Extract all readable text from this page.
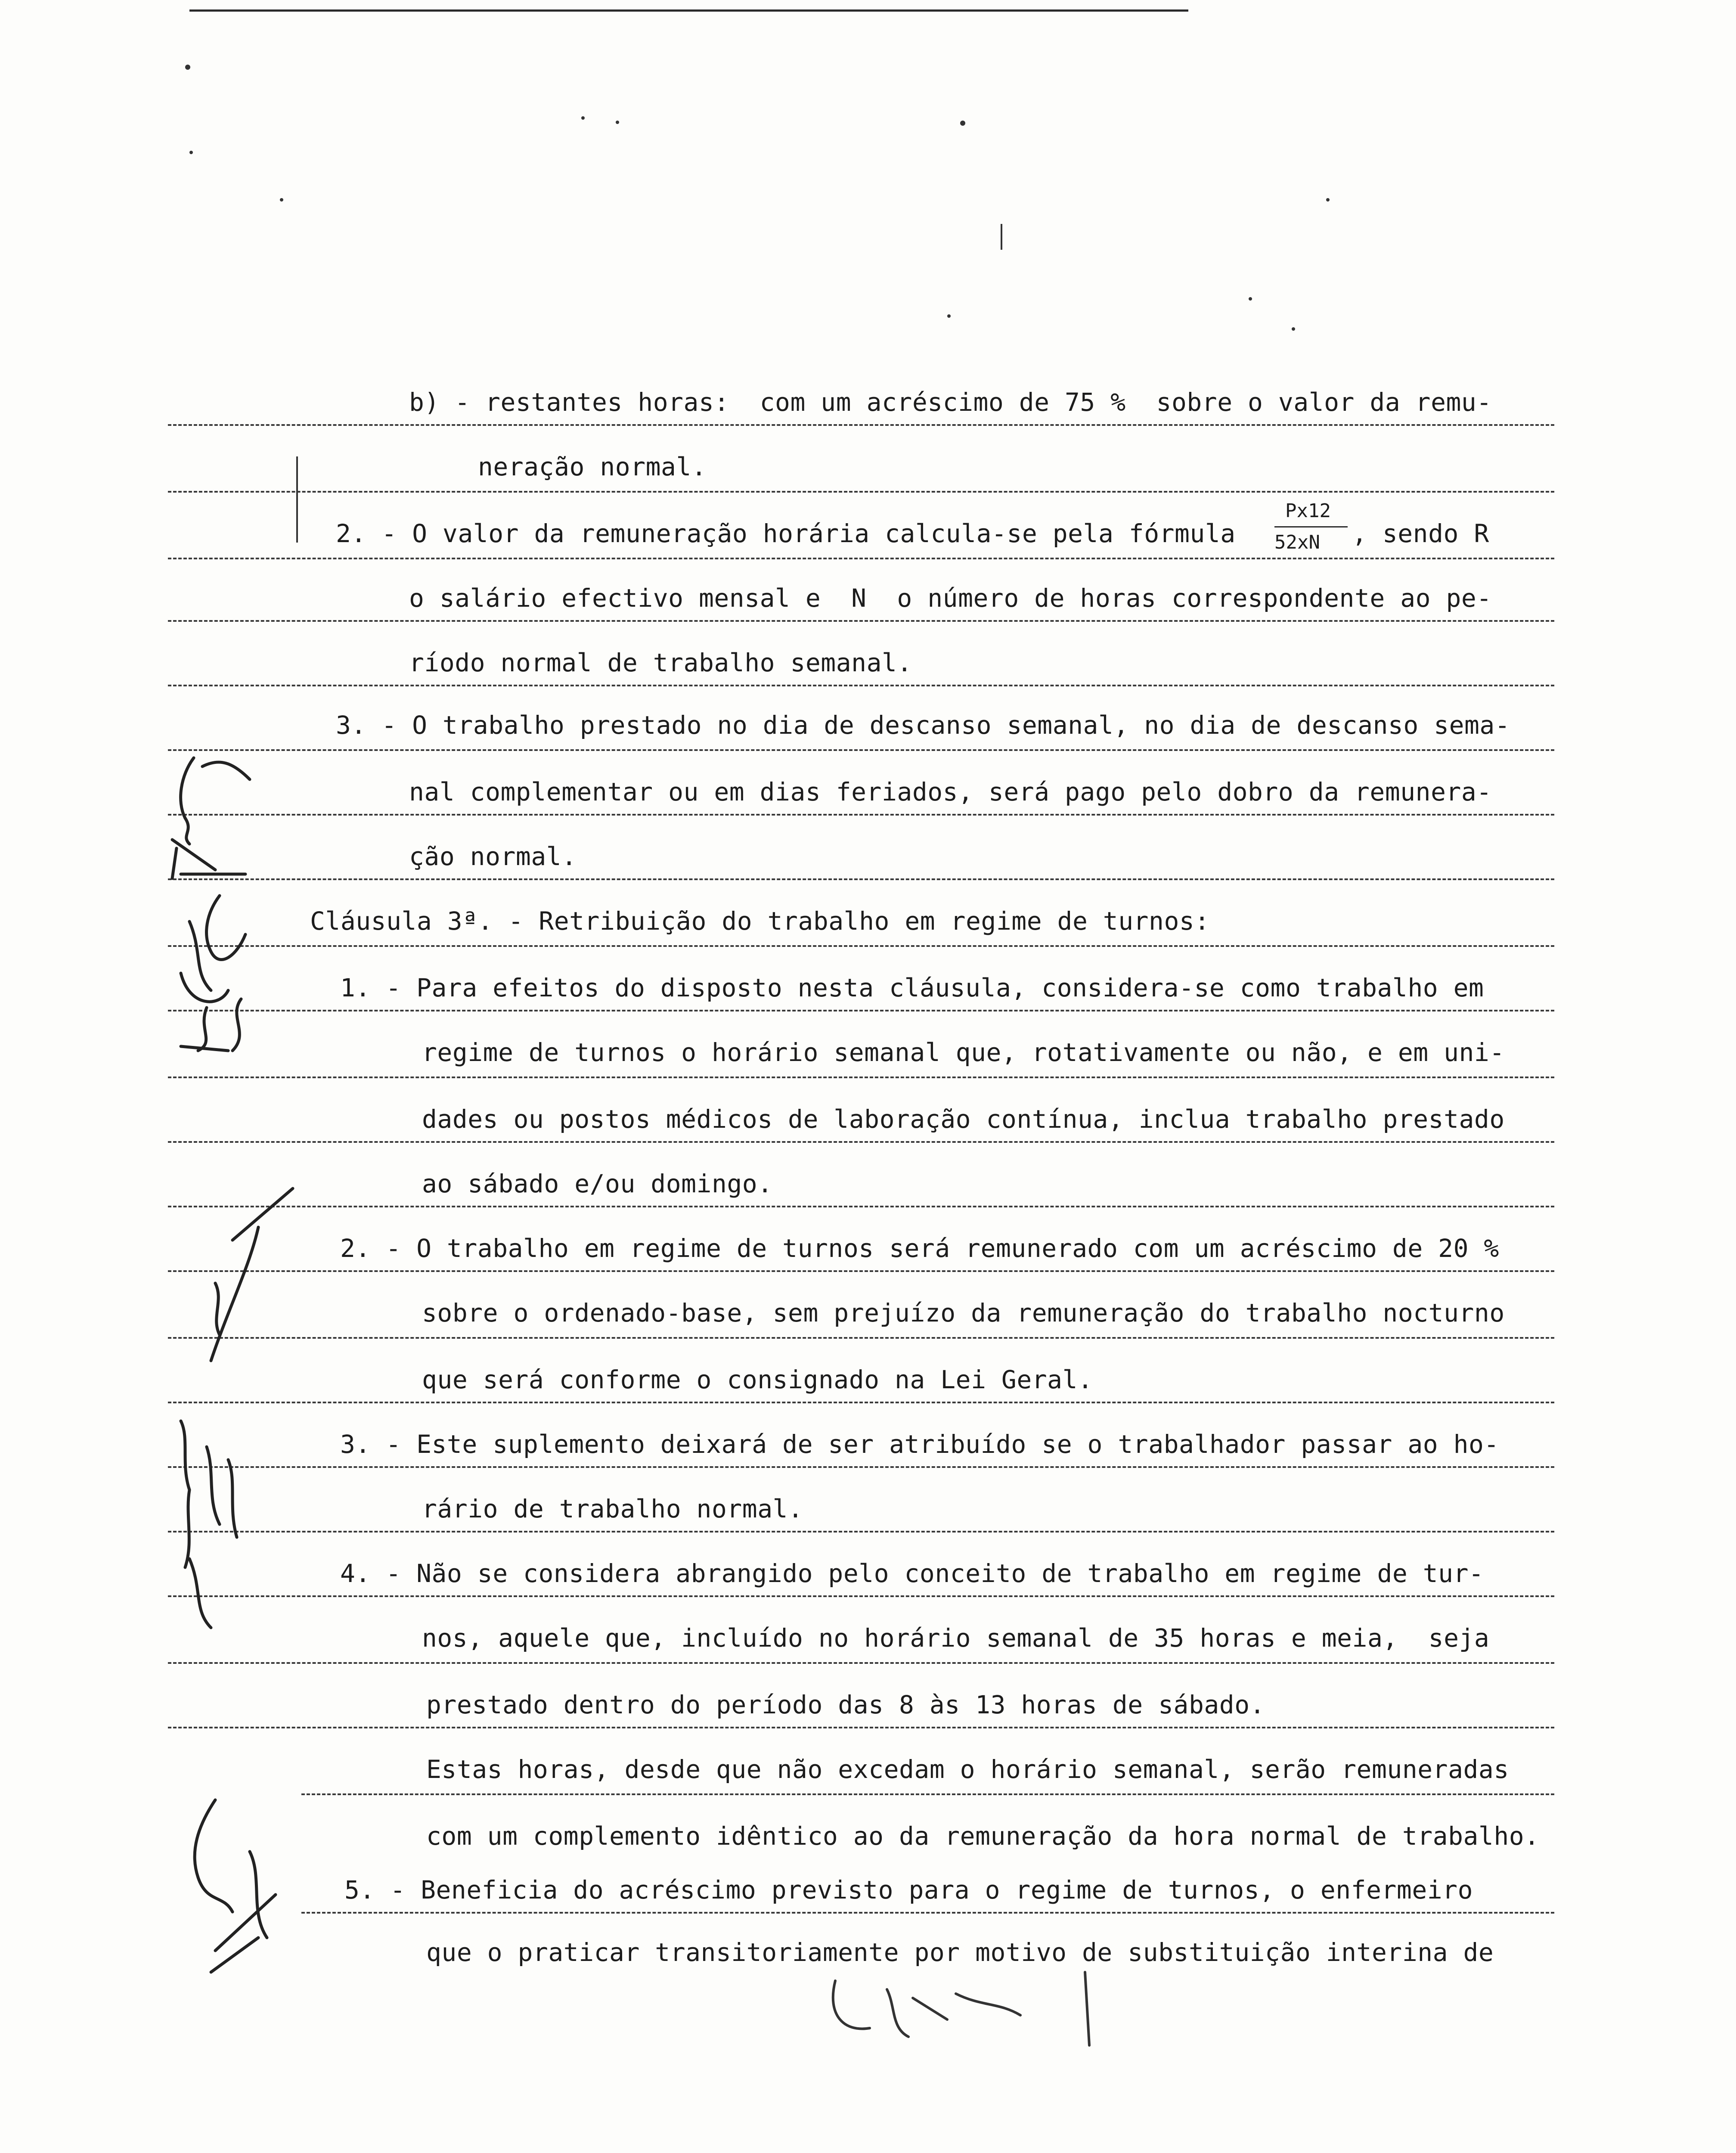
b) - restantes horas:  com um acréscimo de 75 %  sobre o valor da remu-
neração normal.
2. - O valor da remuneração horária calcula-se pela fórmula
Px12
52xN , sendo R
o salário efectivo mensal e  N  o número de horas correspondente ao pe-
ríodo normal de trabalho semanal.
3. - O trabalho prestado no dia de descanso semanal, no dia de descanso sema-
nal complementar ou em dias feriados, será pago pelo dobro da remunera-
ção normal.
Cláusula 3ª. - Retribuição do trabalho em regime de turnos:
1. - Para efeitos do disposto nesta cláusula, considera-se como trabalho em
regime de turnos o horário semanal que, rotativamente ou não, e em uni-
dades ou postos médicos de laboração contínua, inclua trabalho prestado
ao sábado e/ou domingo.
2. - O trabalho em regime de turnos será remunerado com um acréscimo de 20 %
sobre o ordenado-base, sem prejuízo da remuneração do trabalho nocturno
que será conforme o consignado na Lei Geral.
3. - Este suplemento deixará de ser atribuído se o trabalhador passar ao ho-
rário de trabalho normal.
4. - Não se considera abrangido pelo conceito de trabalho em regime de tur-
nos, aquele que, incluído no horário semanal de 35 horas e meia,  seja
prestado dentro do período das 8 às 13 horas de sábado.
Estas horas, desde que não excedam o horário semanal, serão remuneradas
com um complemento idêntico ao da remuneração da hora normal de trabalho.
5. - Beneficia do acréscimo previsto para o regime de turnos, o enfermeiro
que o praticar transitoriamente por motivo de substituição interina de
